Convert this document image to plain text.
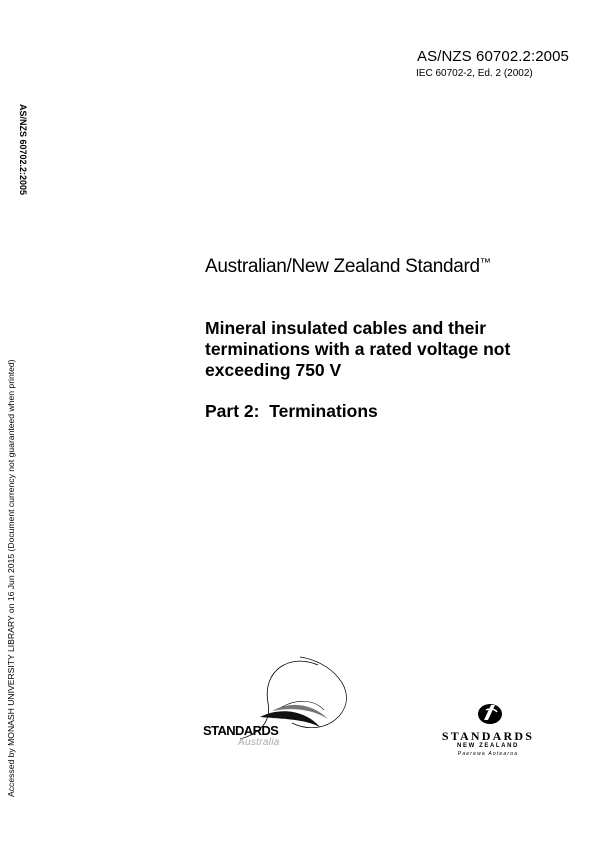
AS/NZS 60702.2:2005
IEC 60702-2, Ed. 2 (2002)
AS/NZS 60702.2:2005
Accessed by MONASH UNIVERSITY LIBRARY on 16 Jun 2015 (Document currency not guaranteed when printed)
Australian/New Zealand Standard™
Mineral insulated cables and their
terminations with a rated voltage not
exceeding 750 V
Part 2:  Terminations
STANDARDS
Australia	STANDARDS
NEW ZEALAND
Paerewa Aotearoa
